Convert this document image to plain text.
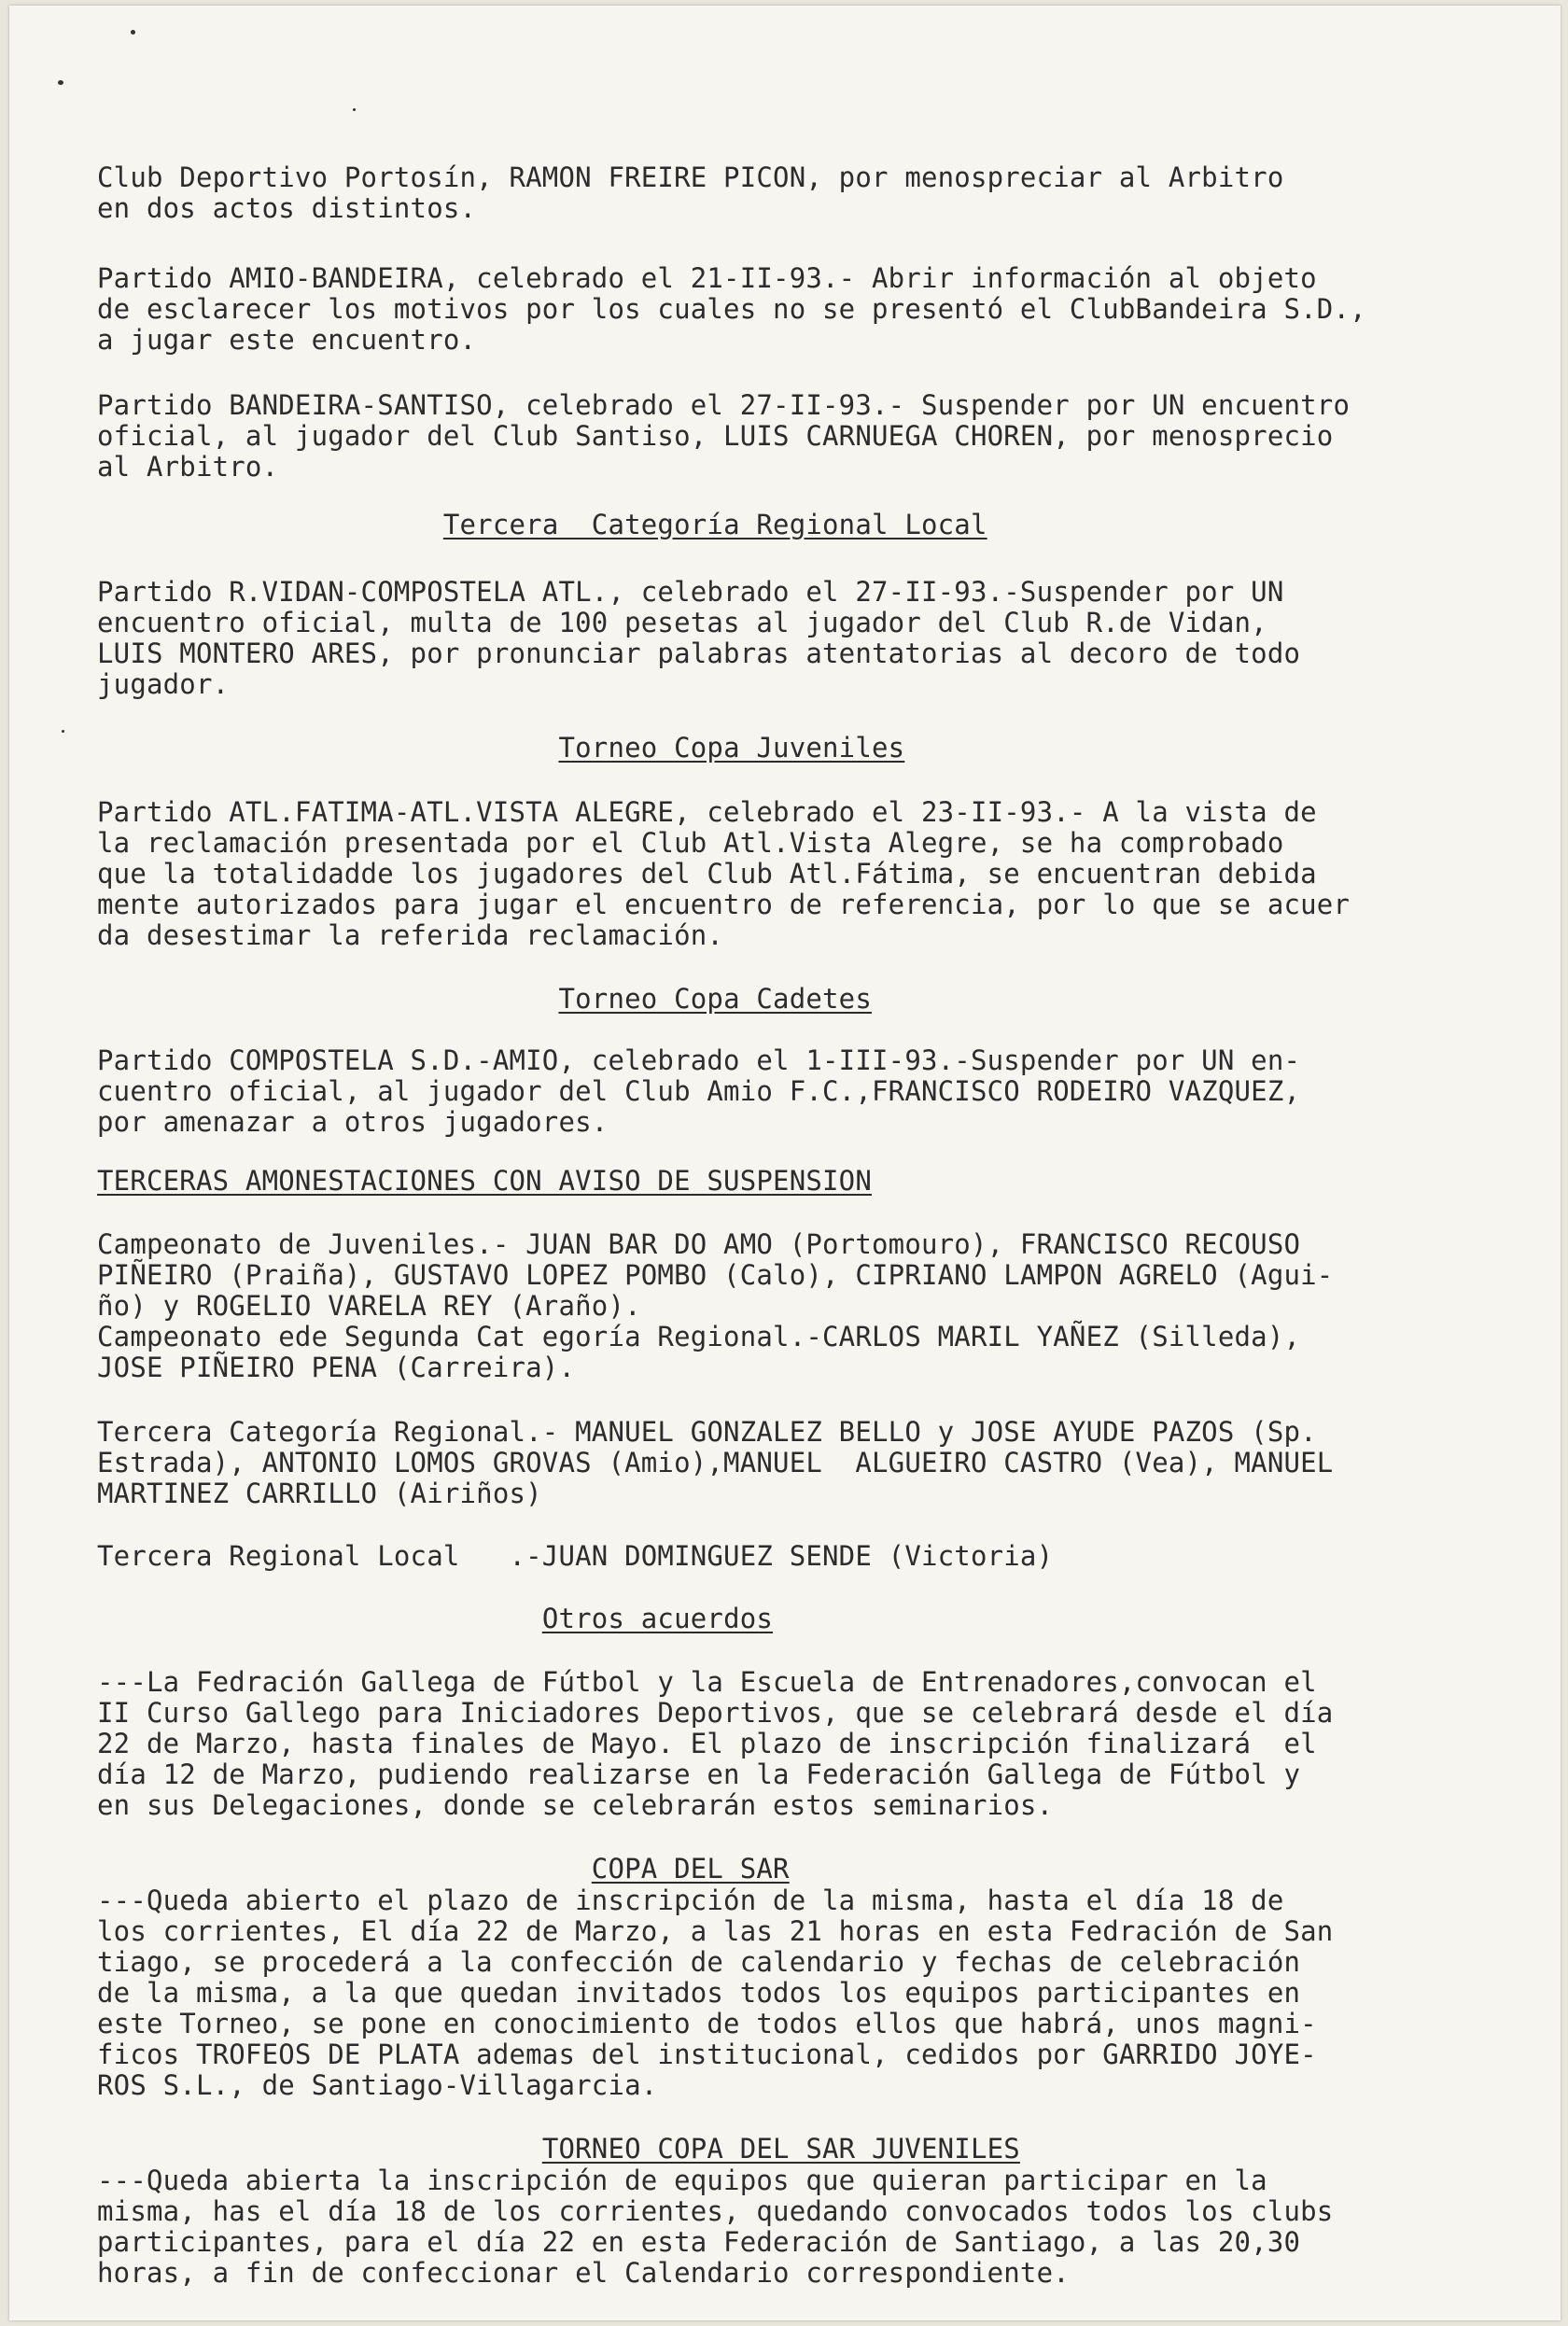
Club Deportivo Portosín, RAMON FREIRE PICON, por menospreciar al Arbitro
en dos actos distintos.
Partido AMIO-BANDEIRA, celebrado el 21-II-93.- Abrir información al objeto
de esclarecer los motivos por los cuales no se presentó el ClubBandeira S.D.,
a jugar este encuentro.
Partido BANDEIRA-SANTISO, celebrado el 27-II-93.- Suspender por UN encuentro
oficial, al jugador del Club Santiso, LUIS CARNUEGA CHOREN, por menosprecio
al Arbitro.
Tercera  Categoría Regional Local
Partido R.VIDAN-COMPOSTELA ATL., celebrado el 27-II-93.-Suspender por UN
encuentro oficial, multa de 100 pesetas al jugador del Club R.de Vidan,
LUIS MONTERO ARES, por pronunciar palabras atentatorias al decoro de todo
jugador.
Torneo Copa Juveniles
Partido ATL.FATIMA-ATL.VISTA ALEGRE, celebrado el 23-II-93.- A la vista de
la reclamación presentada por el Club Atl.Vista Alegre, se ha comprobado
que la totalidadde los jugadores del Club Atl.Fátima, se encuentran debida
mente autorizados para jugar el encuentro de referencia, por lo que se acuer
da desestimar la referida reclamación.
Torneo Copa Cadetes
Partido COMPOSTELA S.D.-AMIO, celebrado el 1-III-93.-Suspender por UN en-
cuentro oficial, al jugador del Club Amio F.C.,FRANCISCO RODEIRO VAZQUEZ,
por amenazar a otros jugadores.
TERCERAS AMONESTACIONES CON AVISO DE SUSPENSION
Campeonato de Juveniles.- JUAN BAR DO AMO (Portomouro), FRANCISCO RECOUSO
PIÑEIRO (Praiña), GUSTAVO LOPEZ POMBO (Calo), CIPRIANO LAMPON AGRELO (Agui-
ño) y ROGELIO VARELA REY (Araño).
Campeonato ede Segunda Cat egoría Regional.-CARLOS MARIL YAÑEZ (Silleda),
JOSE PIÑEIRO PENA (Carreira).
Tercera Categoría Regional.- MANUEL GONZALEZ BELLO y JOSE AYUDE PAZOS (Sp.
Estrada), ANTONIO LOMOS GROVAS (Amio),MANUEL  ALGUEIRO CASTRO (Vea), MANUEL
MARTINEZ CARRILLO (Airiños)
Tercera Regional Local   .-JUAN DOMINGUEZ SENDE (Victoria)
Otros acuerdos
---La Fedración Gallega de Fútbol y la Escuela de Entrenadores,convocan el
II Curso Gallego para Iniciadores Deportivos, que se celebrará desde el día
22 de Marzo, hasta finales de Mayo. El plazo de inscripción finalizará  el
día 12 de Marzo, pudiendo realizarse en la Federación Gallega de Fútbol y
en sus Delegaciones, donde se celebrarán estos seminarios.
COPA DEL SAR
---Queda abierto el plazo de inscripción de la misma, hasta el día 18 de
los corrientes, El día 22 de Marzo, a las 21 horas en esta Fedración de San
tiago, se procederá a la confección de calendario y fechas de celebración
de la misma, a la que quedan invitados todos los equipos participantes en
este Torneo, se pone en conocimiento de todos ellos que habrá, unos magni-
ficos TROFEOS DE PLATA ademas del institucional, cedidos por GARRIDO JOYE-
ROS S.L., de Santiago-Villagarcia.
TORNEO COPA DEL SAR JUVENILES
---Queda abierta la inscripción de equipos que quieran participar en la
misma, has el día 18 de los corrientes, quedando convocados todos los clubs
participantes, para el día 22 en esta Federación de Santiago, a las 20,30
horas, a fin de confeccionar el Calendario correspondiente.
